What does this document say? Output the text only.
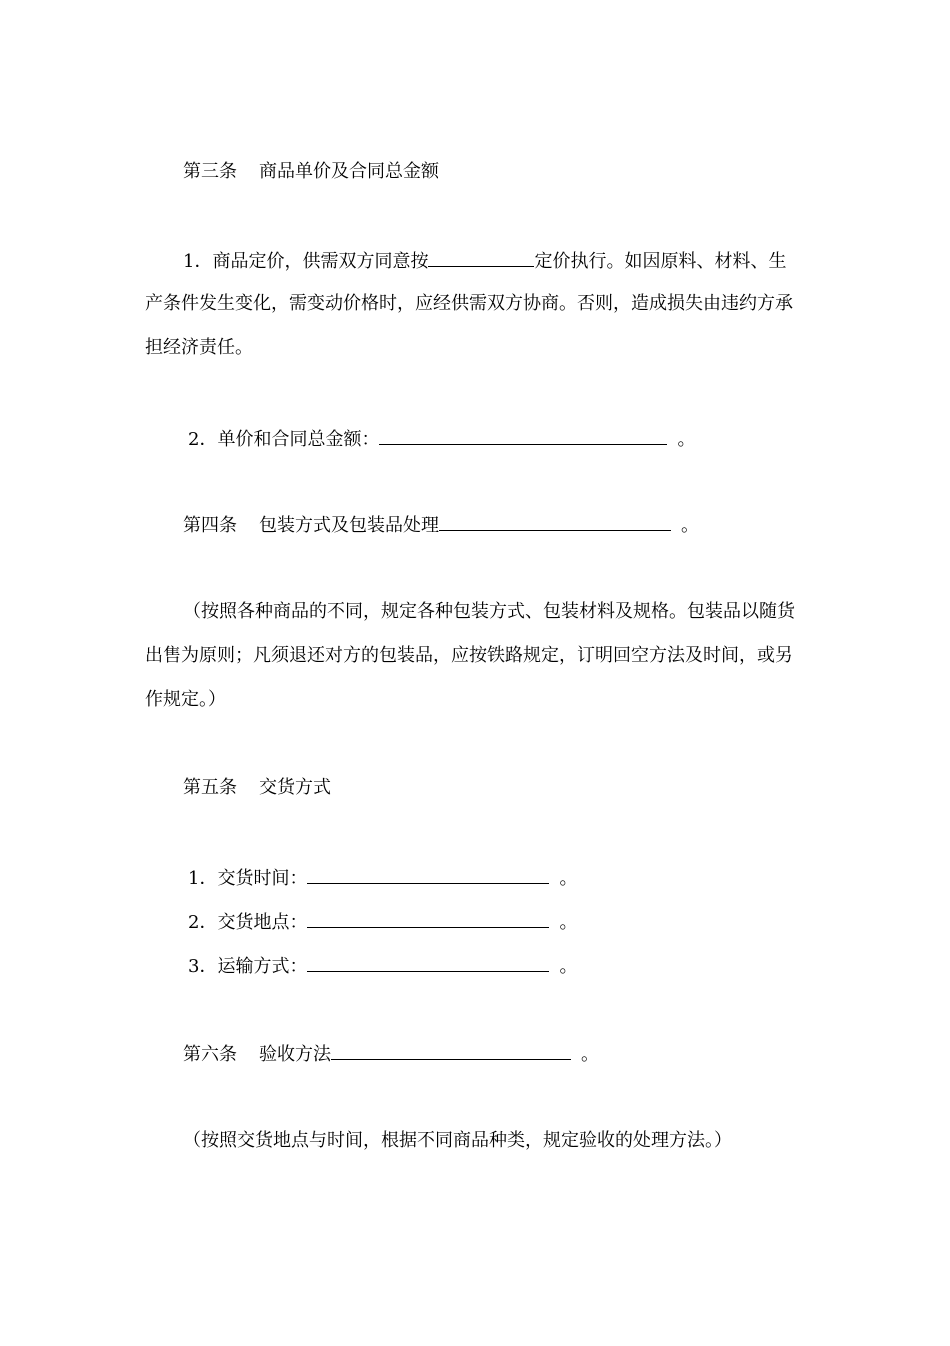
第三条 商品单价及合同总金额
1．商品定价，供需双方同意按	定价执行。如因原料、材料、生
产条件发生变化，需变动价格时，应经供需双方协商。否则，造成损失由违约方承
担经济责任。
2．单价和合同总金额：	。
第四条 包装方式及包装品处理	。
（按照各种商品的不同，规定各种包装方式、包装材料及规格。包装品以随货
出售为原则；凡须退还对方的包装品，应按铁路规定，订明回空方法及时间，或另
作规定。）
第五条 交货方式
1．交货时间：	。
2．交货地点：	。
3．运输方式：	。
第六条 验收方法	。
（按照交货地点与时间，根据不同商品种类，规定验收的处理方法。）
